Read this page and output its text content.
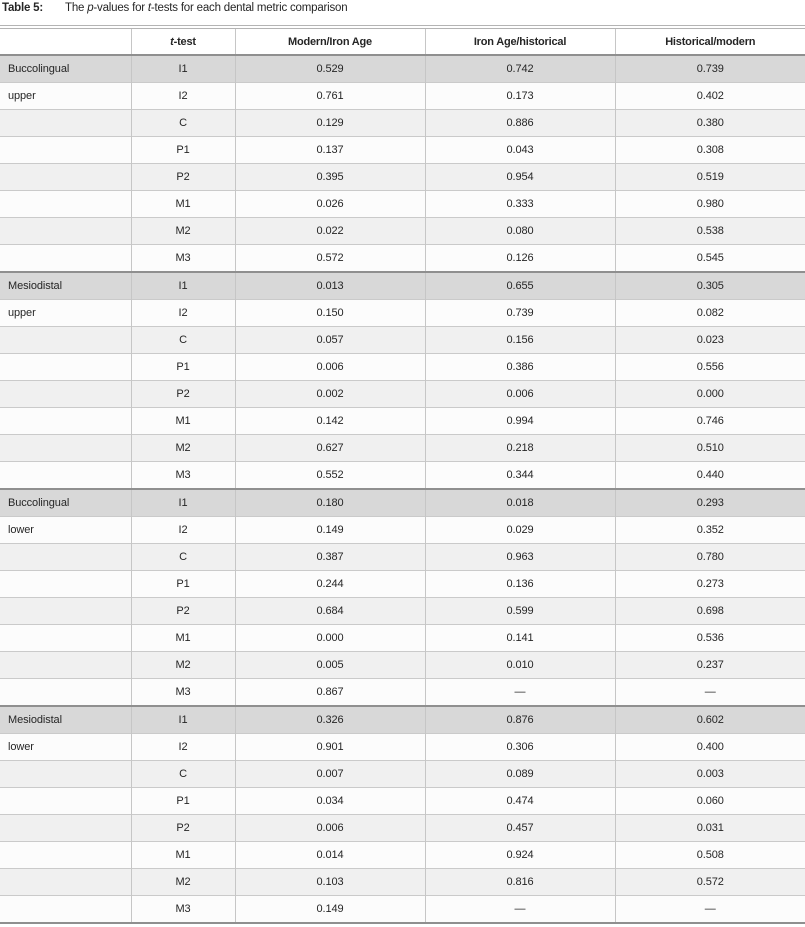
Table 5:	The p-values for t-tests for each dental metric comparison
	t-test	Modern/Iron Age	Iron Age/historical	Historical/modern
Buccolingual	I1	0.529	0.742	0.739
upper	I2	0.761	0.173	0.402
	C	0.129	0.886	0.380
	P1	0.137	0.043	0.308
	P2	0.395	0.954	0.519
	M1	0.026	0.333	0.980
	M2	0.022	0.080	0.538
	M3	0.572	0.126	0.545
Mesiodistal	I1	0.013	0.655	0.305
upper	I2	0.150	0.739	0.082
	C	0.057	0.156	0.023
	P1	0.006	0.386	0.556
	P2	0.002	0.006	0.000
	M1	0.142	0.994	0.746
	M2	0.627	0.218	0.510
	M3	0.552	0.344	0.440
Buccolingual	I1	0.180	0.018	0.293
lower	I2	0.149	0.029	0.352
	C	0.387	0.963	0.780
	P1	0.244	0.136	0.273
	P2	0.684	0.599	0.698
	M1	0.000	0.141	0.536
	M2	0.005	0.010	0.237
	M3	0.867	—	—
Mesiodistal	I1	0.326	0.876	0.602
lower	I2	0.901	0.306	0.400
	C	0.007	0.089	0.003
	P1	0.034	0.474	0.060
	P2	0.006	0.457	0.031
	M1	0.014	0.924	0.508
	M2	0.103	0.816	0.572
	M3	0.149	—	—
